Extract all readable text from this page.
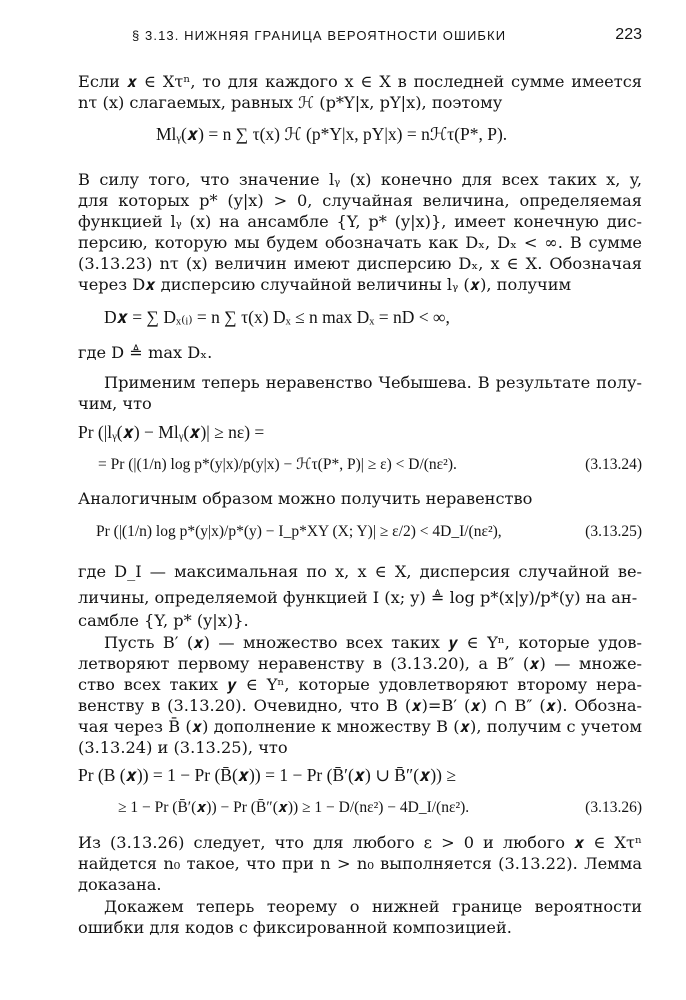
§ 3.13. НИЖНЯЯ ГРАНИЦА ВЕРОЯТНОСТИ ОШИБКИ	223
Если 𝒙 ∈ Xτⁿ, то для каждого x ∈ X в последней сумме имеется
nτ (x) слагаемых, равных ℋ (p*Y|x, pY|x), поэтому
Mlᵧ(𝒙) = n ∑ τ(x) ℋ (p*Y|x, pY|x) = nℋτ(P*, P).
В силу того, что значение lᵧ (x) конечно для всех таких x, y,
для которых p* (y|x) > 0, случайная величина, определяемая
функцией lᵧ (x) на ансамбле {Y, p* (y|x)}, имеет конечную дис-
персию, которую мы будем обозначать как Dₓ, Dₓ < ∞. В сумме
(3.13.23) nτ (x) величин имеют дисперсию Dₓ, x ∈ X. Обозначая
через D𝒙 дисперсию случайной величины lᵧ (𝒙), получим
D𝒙 = ∑ Dₓ₍ᵢ₎ = n ∑ τ(x) Dₓ ≤ n max Dₓ = nD < ∞,
где D ≜ max Dₓ.
Применим теперь неравенство Чебышева. В результате полу-
чим, что
Pr (|lᵧ(𝒙) − Mlᵧ(𝒙)| ≥ nε) =
= Pr (|(1/n) log p*(y|x)/p(y|x) − ℋτ(P*, P)| ≥ ε) < D/(nε²).	(3.13.24)
Аналогичным образом можно получить неравенство
Pr (|(1/n) log p*(y|x)/p*(y) − I_p*XY (X; Y)| ≥ ε/2) < 4D_I/(nε²),	(3.13.25)
где D_I — максимальная по x, x ∈ X, дисперсия случайной ве-
личины, определяемой функцией I (x; y) ≜ log p*(x|y)/p*(y) на ан-
самбле {Y, p* (y|x)}.
Пусть B′ (𝒙) — множество всех таких 𝒚 ∈ Yⁿ, которые удов-
летворяют первому неравенству в (3.13.20), а B″ (𝒙) — множе-
ство всех таких 𝒚 ∈ Yⁿ, которые удовлетворяют второму нера-
венству в (3.13.20). Очевидно, что B (𝒙)=B′ (𝒙) ∩ B″ (𝒙). Обозна-
чая через B̄ (𝒙) дополнение к множеству B (𝒙), получим с учетом
(3.13.24) и (3.13.25), что
Pr (B (𝒙)) = 1 − Pr (B̄(𝒙)) = 1 − Pr (B̄′(𝒙) ∪ B̄″(𝒙)) ≥
≥ 1 − Pr (B̄′(𝒙)) − Pr (B̄″(𝒙)) ≥ 1 − D/(nε²) − 4D_I/(nε²).	(3.13.26)
Из (3.13.26) следует, что для любого ε > 0 и любого 𝒙 ∈ Xτⁿ
найдется n₀ такое, что при n > n₀ выполняется (3.13.22). Лемма
доказана.
Докажем теперь теорему о нижней границе вероятности
ошибки для кодов с фиксированной композицией.
